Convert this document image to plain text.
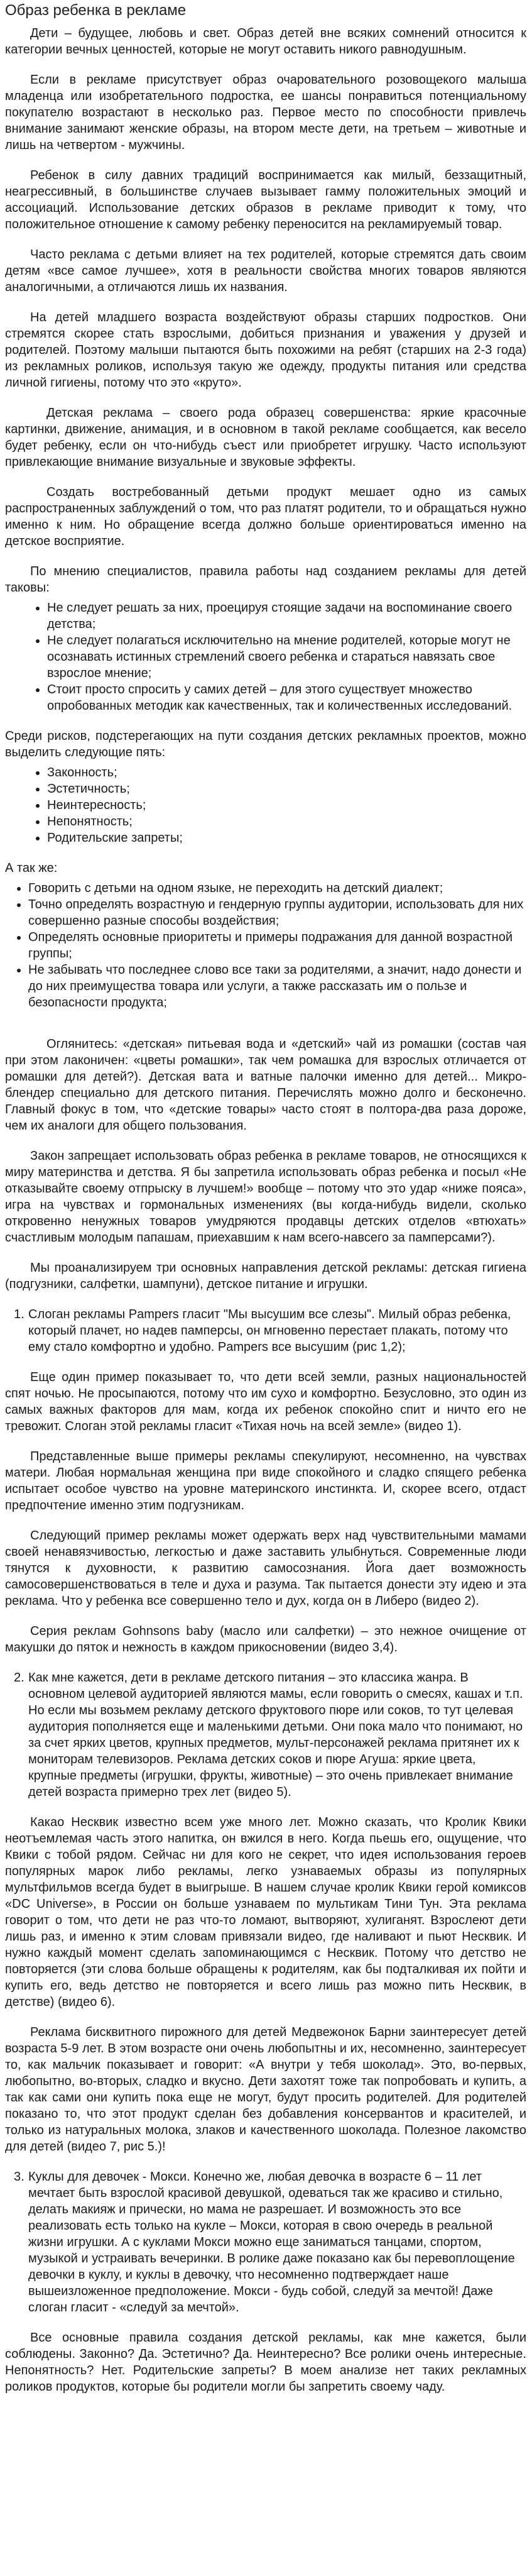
Образ ребенка в рекламе

Дети – будущее, любовь и свет. Образ детей вне всяких сомнений относится к категории вечных ценностей, которые не могут оставить никого равнодушным.

Если в рекламе присутствует образ очаровательного розовощекого малыша младенца или изобретательного подростка, ее шансы понравиться потенциальному покупателю возрастают в несколько раз. Первое место по способности привлечь внимание занимают женские образы, на втором месте дети, на третьем – животные и лишь на четвертом - мужчины.

Ребенок в силу давних традиций воспринимается как милый, беззащитный, неагрессивный, в большинстве случаев вызывает гамму положительных эмоций и ассоциаций. Использование детских образов в рекламе приводит к тому, что положительное отношение к самому ребенку переносится на рекламируемый товар.

Часто реклама с детьми влияет на тех родителей, которые стремятся дать своим детям «все самое лучшее», хотя в реальности свойства многих товаров являются аналогичными, а отличаются лишь их названия.

На детей младшего возраста воздействуют образы старших подростков. Они стремятся скорее стать взрослыми, добиться признания и уважения у друзей и родителей. Поэтому малыши пытаются быть похожими на ребят (старших на 2-3 года) из рекламных роликов, используя такую же одежду, продукты питания или средства личной гигиены, потому что это «круто».

Детская реклама – своего рода образец совершенства: яркие красочные картинки, движение, анимация, и в основном в такой рекламе сообщается, как весело будет ребенку, если он что-нибудь съест или приобретет игрушку. Часто используют привлекающие внимание визуальные и звуковые эффекты.

Создать востребованный детьми продукт мешает одно из самых распространенных заблуждений о том, что раз платят родители, то и обращаться нужно именно к ним. Но обращение всегда должно больше ориентироваться именно на детское восприятие.

По мнению специалистов, правила работы над созданием рекламы для детей таковы:

• Не следует решать за них, проецируя стоящие задачи на воспоминание своего детства;
• Не следует полагаться исключительно на мнение родителей, которые могут не осознавать истинных стремлений своего ребенка и стараться навязать свое взрослое мнение;
• Стоит просто спросить у самих детей – для этого существует множество опробованных методик как качественных, так и количественных исследований.

Среди рисков, подстерегающих на пути создания детских рекламных проектов, можно выделить следующие пять:

• Законность;
• Эстетичность;
• Неинтересность;
• Непонятность;
• Родительские запреты;

А так же:

• Говорить с детьми на одном языке, не переходить на детский диалект;
• Точно определять возрастную и гендерную группы аудитории, использовать для них совершенно разные способы воздействия;
• Определять основные приоритеты и примеры подражания для данной возрастной группы;
• Не забывать что последнее слово все таки за родителями, а значит, надо донести и до них преимущества товара или услуги, а также рассказать им о пользе и безопасности продукта;

Оглянитесь: «детская» питьевая вода и «детский» чай из ромашки (состав чая при этом лаконичен: «цветы ромашки», так чем ромашка для взрослых отличается от ромашки для детей?). Детская вата и ватные палочки именно для детей... Микро-блендер специально для детского питания. Перечислять можно долго и бесконечно. Главный фокус в том, что «детские товары» часто стоят в полтора-два раза дороже, чем их аналоги для общего пользования.

Закон запрещает использовать образ ребенка в рекламе товаров, не относящихся к миру материнства и детства. Я бы запретила использовать образ ребенка и посыл «Не отказывайте своему отпрыску в лучшем!» вообще – потому что это удар «ниже пояса», игра на чувствах и гормональных изменениях (вы когда-нибудь видели, сколько откровенно ненужных товаров умудряются продавцы детских отделов «втюхать» счастливым молодым папашам, приехавшим к нам всего-навсего за памперсами?).

Мы проанализируем три основных направления детской рекламы: детская гигиена (подгузники, салфетки, шампуни), детское питание и игрушки.

1. Слоган рекламы Pampers гласит "Мы высушим все слезы". Милый образ ребенка, который плачет, но надев памперсы, он мгновенно перестает плакать, потому что ему стало комфортно и удобно. Pampers все высушим (рис 1,2);

Еще один пример показывает то, что дети всей земли, разных национальностей спят ночью. Не просыпаются, потому что им сухо и комфортно. Безусловно, это один из самых важных факторов для мам, когда их ребенок спокойно спит и ничто его не тревожит. Слоган этой рекламы гласит «Тихая ночь на всей земле» (видео 1).

Представленные выше примеры рекламы спекулируют, несомненно, на чувствах матери. Любая нормальная женщина при виде спокойного и сладко спящего ребенка испытает особое чувство на уровне материнского инстинкта. И, скорее всего, отдаст предпочтение именно этим подгузникам.

Следующий пример рекламы может одержать верх над чувствительными мамами своей ненавязчивостью, легкостью и даже заставить улыбнуться. Современные люди тянутся к духовности, к развитию самосознания. Йога дает возможность самосовершенствоваться в теле и духа и разума. Так пытается донести эту идею и эта реклама. Что у ребенка все совершенно тело и дух, когда он в Либеро (видео 2).

Серия реклам Gohnsons baby (масло или салфетки) – это нежное очищение от макушки до пяток и нежность в каждом прикосновении (видео 3,4).

2. Как мне кажется, дети в рекламе детского питания – это классика жанра. В основном целевой аудиторией являются мамы, если говорить о смесях, кашах и т.п. Но если мы возьмем рекламу детского фруктового пюре или соков, то тут целевая аудитория пополняется еще и маленькими детьми. Они пока мало что понимают, но за счет ярких цветов, крупных предметов, мульт-персонажей реклама притянет их к мониторам телевизоров. Реклама детских соков и пюре Агуша: яркие цвета, крупные предметы (игрушки, фрукты, животные) – это очень привлекает внимание детей возраста примерно трех лет (видео 5).

Какао Несквик известно всем уже много лет. Можно сказать, что Кролик Квики неотъемлемая часть этого напитка, он вжился в него. Когда пьешь его, ощущение, что Квики с тобой рядом. Сейчас ни для кого не секрет, что идея использования героев популярных марок либо рекламы, легко узнаваемых образы из популярных мультфильмов всегда будет в выигрыше. В нашем случае кролик Квики герой комиксов «DC Universe», в России он больше узнаваем по мультикам Тини Тун. Эта реклама говорит о том, что дети не раз что-то ломают, вытворяют, хулиганят. Взрослеют дети лишь раз, и именно к этим словам привязали видео, где наливают и пьют Несквик. И нужно каждый момент сделать запоминающимся с Несквик. Потому что детство не повторяется (эти слова больше обращены к родителям, как бы подталкивая их пойти и купить его, ведь детство не повторяется и всего лишь раз можно пить Несквик, в детстве) (видео 6).

Реклама бисквитного пирожного для детей Медвежонок Барни заинтересует детей возраста 5-9 лет. В этом возрасте они очень любопытны и их, несомненно, заинтересует то, как мальчик показывает и говорит: «А внутри у тебя шоколад». Это, во-первых, любопытно, во-вторых, сладко и вкусно. Дети захотят тоже так попробовать и купить, а так как сами они купить пока еще не могут, будут просить родителей. Для родителей показано то, что этот продукт сделан без добавления консервантов и красителей, и только из натуральных молока, злаков и качественного шоколада. Полезное лакомство для детей (видео 7, рис 5.)!

3. Куклы для девочек - Мокси. Конечно же, любая девочка в возрасте 6 – 11 лет мечтает быть взрослой красивой девушкой, одеваться так же красиво и стильно, делать макияж и прически, но мама не разрешает. И возможность это все реализовать есть только на кукле – Мокси, которая в свою очередь в реальной жизни игрушки. А с куклами Мокси можно еще заниматься танцами, спортом, музыкой и устраивать вечеринки. В ролике даже показано как бы перевоплощение девочки в куклу, и куклы в девочку, что несомненно подтверждает наше вышеизложенное предположение. Мокси - будь собой, следуй за мечтой! Даже слоган гласит - «следуй за мечтой».

Все основные правила создания детской рекламы, как мне кажется, были соблюдены. Законно? Да. Эстетично? Да. Неинтересно? Все ролики очень интересные. Непонятность? Нет. Родительские запреты? В моем анализе нет таких рекламных роликов продуктов, которые бы родители могли бы запретить своему чаду.
